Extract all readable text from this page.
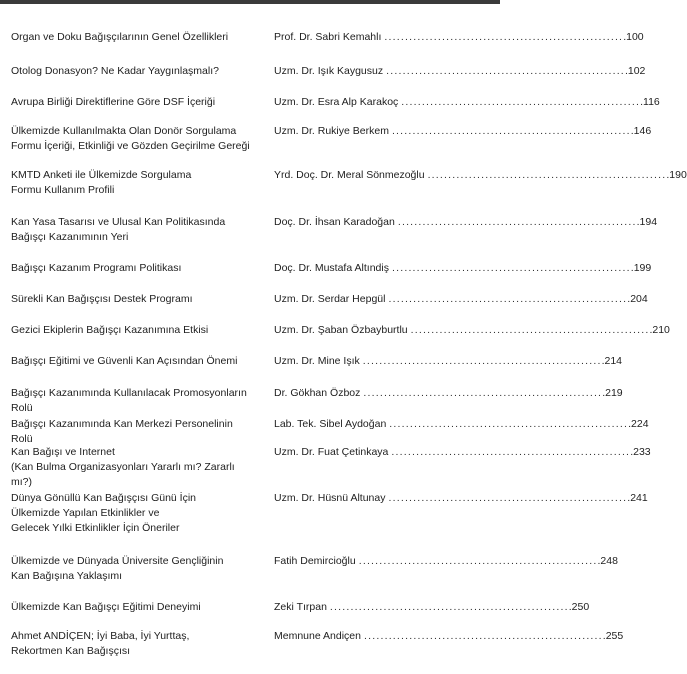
Organ ve Doku Bağışçılarının Genel Özellikleri	Prof. Dr. Sabri Kemahlı .......................................................... .100
Otolog Donasyon? Ne Kadar Yaygınlaşmalı?	Uzm. Dr. Işık Kaygusuz .......................................................... .102
Avrupa Birliği Direktiflerine Göre DSF İçeriği	Uzm. Dr. Esra Alp Karakoç .......................................................... .116
Ülkemizde Kullanılmakta Olan Donör Sorgulama
Formu İçeriği, Etkinliği ve Gözden Geçirilme Gereği
Uzm. Dr. Rukiye Berkem .......................................................... .146
KMTD Anketi ile Ülkemizde Sorgulama
Formu Kullanım Profili
Yrd. Doç. Dr. Meral Sönmezoğlu .......................................................... .190
Kan Yasa Tasarısı ve Ulusal Kan Politikasında
Bağışçı Kazanımının Yeri
Doç. Dr. İhsan Karadoğan .......................................................... .194
Bağışçı Kazanım Programı Politikası	Doç. Dr. Mustafa Altındiş .......................................................... .199
Sürekli Kan Bağışçısı Destek Programı	Uzm. Dr. Serdar Hepgül .......................................................... .204
Gezici Ekiplerin Bağışçı Kazanımına Etkisi	Uzm. Dr. Şaban Özbayburtlu .......................................................... .210
Bağışçı Eğitimi ve Güvenli Kan Açısından Önemi	Uzm. Dr. Mine Işık .......................................................... .214
Bağışçı Kazanımında Kullanılacak Promosyonların Rolü
Dr. Gökhan Özboz .......................................................... .219
Bağışçı Kazanımında Kan Merkezi Personelinin Rolü
Lab. Tek. Sibel Aydoğan .......................................................... .224
Kan Bağışı ve Internet
(Kan Bulma Organizasyonları Yararlı mı? Zararlı mı?)
Uzm. Dr. Fuat Çetinkaya .......................................................... .233
Dünya Gönüllü Kan Bağışçısı Günü İçin
Ülkemizde Yapılan Etkinlikler ve
Gelecek Yılki Etkinlikler İçin Öneriler
Uzm. Dr. Hüsnü Altunay .......................................................... .241
Ülkemizde ve Dünyada Üniversite Gençliğinin
Kan Bağışına Yaklaşımı
Fatih Demircioğlu .......................................................... .248
Ülkemizde Kan Bağışçı Eğitimi Deneyimi	Zeki Tırpan .......................................................... .250
Ahmet ANDİÇEN; İyi Baba, İyi Yurttaş,
Rekortmen Kan Bağışçısı
Memnune Andiçen .......................................................... .255
